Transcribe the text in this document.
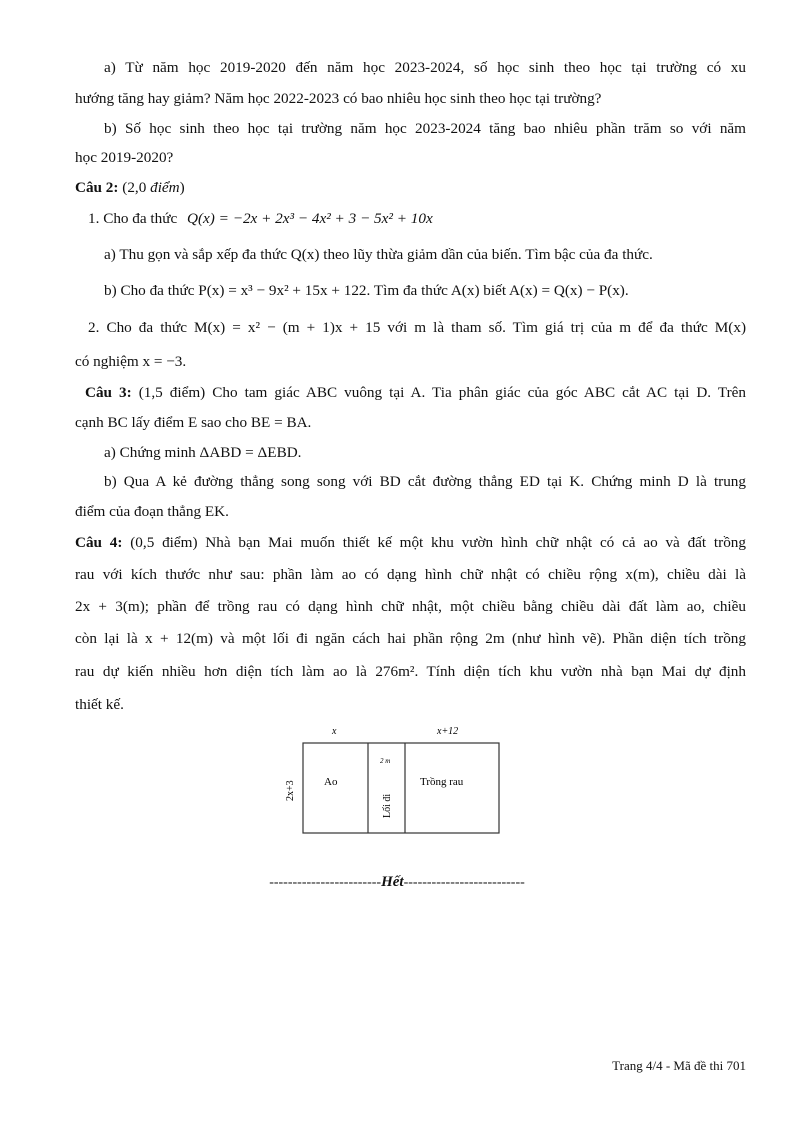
a) Từ năm học 2019-2020 đến năm học 2023-2024, số học sinh theo học tại trường có xu
hướng tăng hay giảm? Năm học 2022-2023 có bao nhiêu học sinh theo học tại trường?
b) Số học sinh theo học tại trường năm học 2023-2024 tăng bao nhiêu phần trăm so với năm
học 2019-2020?
Câu 2: (2,0 điểm)
1. Cho đa thức Q(x) = −2x + 2x³ − 4x² + 3 − 5x² + 10x
a) Thu gọn và sắp xếp đa thức Q(x) theo lũy thừa giảm dần của biến. Tìm bậc của đa thức.
b) Cho đa thức P(x) = x³ − 9x² + 15x + 122. Tìm đa thức A(x) biết A(x) = Q(x) − P(x).
2. Cho đa thức M(x) = x² − (m + 1)x + 15 với m là tham số. Tìm giá trị của m để đa thức M(x)
có nghiệm x = −3.
Câu 3: (1,5 điểm) Cho tam giác ABC vuông tại A. Tia phân giác của góc ABC cắt AC tại D. Trên
cạnh BC lấy điểm E sao cho BE = BA.
a) Chứng minh ΔABD = ΔEBD.
b) Qua A kẻ đường thẳng song song với BD cắt đường thẳng ED tại K. Chứng minh D là trung
điểm của đoạn thẳng EK.
Câu 4: (0,5 điểm) Nhà bạn Mai muốn thiết kế một khu vườn hình chữ nhật có cả ao và đất trồng
rau với kích thước như sau: phần làm ao có dạng hình chữ nhật có chiều rộng x(m), chiều dài là
2x + 3(m); phần để trồng rau có dạng hình chữ nhật, một chiều bằng chiều dài đất làm ao, chiều
còn lại là x + 12(m) và một lối đi ngăn cách hai phần rộng 2m (như hình vẽ). Phần diện tích trồng
rau dự kiến nhiều hơn diện tích làm ao là 276m². Tính diện tích khu vườn nhà bạn Mai dự định
thiết kế.
x	x+12
2x+3	Ao
2 m
Lối đi
Trồng rau
------------------------Hết--------------------------
Trang 4/4 - Mã đề thi 701
